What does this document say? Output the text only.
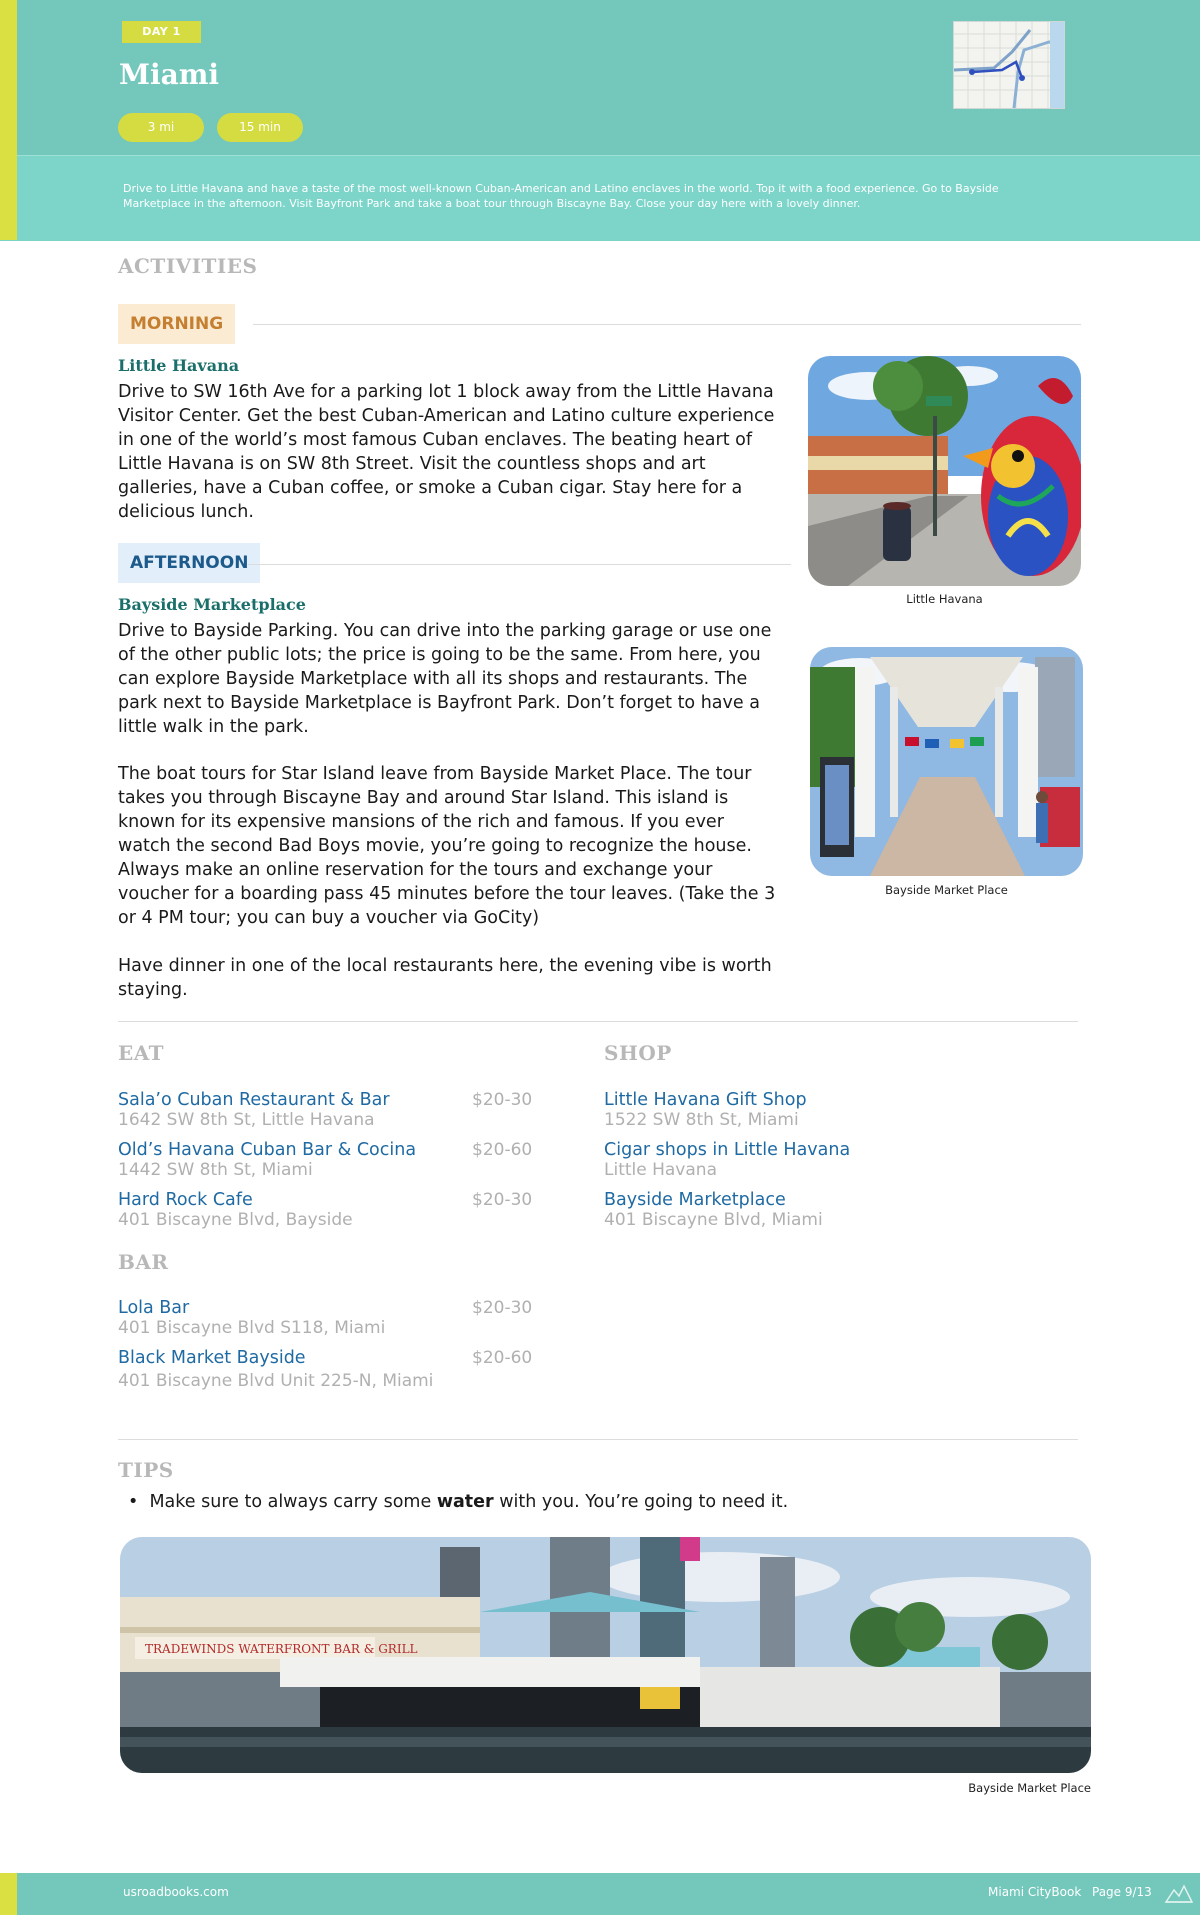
DAY 1
Miami
3 mi	15 min
Drive to Little Havana and have a taste of the most well-known Cuban-American and Latino enclaves in the world. Top it with a food experience. Go to Bayside Marketplace in the afternoon. Visit Bayfront Park and take a boat tour through Biscayne Bay. Close your day here with a lovely dinner.
ACTIVITIES
MORNING
Little Havana
Drive to SW 16th Ave for a parking lot 1 block away from the Little Havana Visitor Center. Get the best Cuban-American and Latino culture experience in one of the world’s most famous Cuban enclaves. The beating heart of Little Havana is on SW 8th Street. Visit the countless shops and art galleries, have a Cuban coffee, or smoke a Cuban cigar. Stay here for a delicious lunch.
AFTERNOON
Bayside Marketplace
Drive to Bayside Parking. You can drive into the parking garage or use one of the other public lots; the price is going to be the same. From here, you can explore Bayside Marketplace with all its shops and restaurants. The park next to Bayside Marketplace is Bayfront Park. Don’t forget to have a little walk in the park.
The boat tours for Star Island leave from Bayside Market Place. The tour takes you through Biscayne Bay and around Star Island. This island is known for its expensive mansions of the rich and famous. If you ever watch the second Bad Boys movie, you’re going to recognize the house. Always make an online reservation for the tours and exchange your voucher for a boarding pass 45 minutes before the tour leaves. (Take the 3 or 4 PM tour; you can buy a voucher via GoCity)
Have dinner in one of the local restaurants here, the evening vibe is worth staying.
Little Havana
Bayside Market Place
EAT
Sala’o Cuban Restaurant & Bar
1642 SW 8th St, Little Havana
$20-30
Old’s Havana Cuban Bar & Cocina
1442 SW 8th St, Miami
$20-60
Hard Rock Cafe
401 Biscayne Blvd, Bayside
$20-30
SHOP
Little Havana Gift Shop
1522 SW 8th St, Miami
Cigar shops in Little Havana
Little Havana
Bayside Marketplace
401 Biscayne Blvd, Miami
BAR
Lola Bar
401 Biscayne Blvd S118, Miami
$20-30
Black Market Bayside
401 Biscayne Blvd Unit 225-N, Miami
$20-60
TIPS
•  Make sure to always carry some water with you. You’re going to need it.
TRADEWINDS WATERFRONT BAR & GRILL
Bayside Market Place
usroadbooks.com	Miami CityBook Page 9/13
